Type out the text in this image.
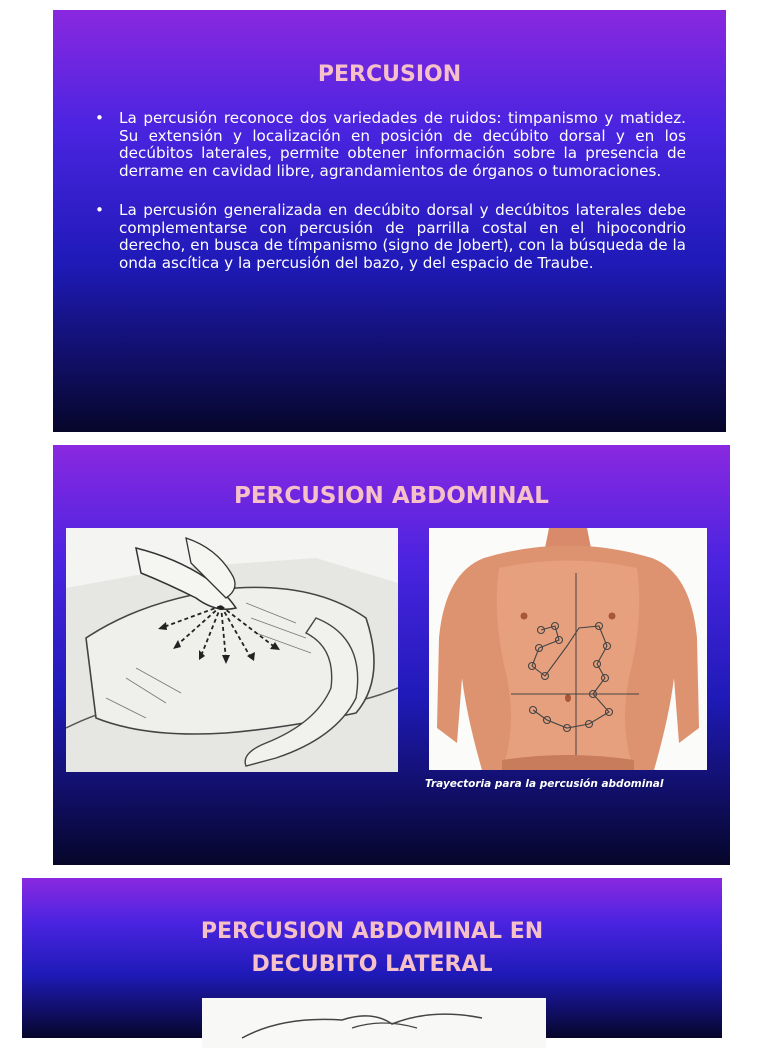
PERCUSION
• La percusión reconoce dos variedades de ruidos: timpanismo y matidez. Su extensión y localización en posición de decúbito dorsal y en los decúbitos laterales, permite obtener información sobre la presencia de derrame en cavidad libre, agrandamientos de órganos o tumoraciones.
• La percusión generalizada en decúbito dorsal y decúbitos laterales debe complementarse con percusión de parrilla costal en el hipocondrio derecho, en busca de tímpanismo (signo de Jobert), con la búsqueda de la onda ascítica y la percusión del bazo, y del espacio de Traube.
PERCUSION ABDOMINAL
Trayectoria para la percusión abdominal
PERCUSION ABDOMINAL EN
DECUBITO LATERAL
